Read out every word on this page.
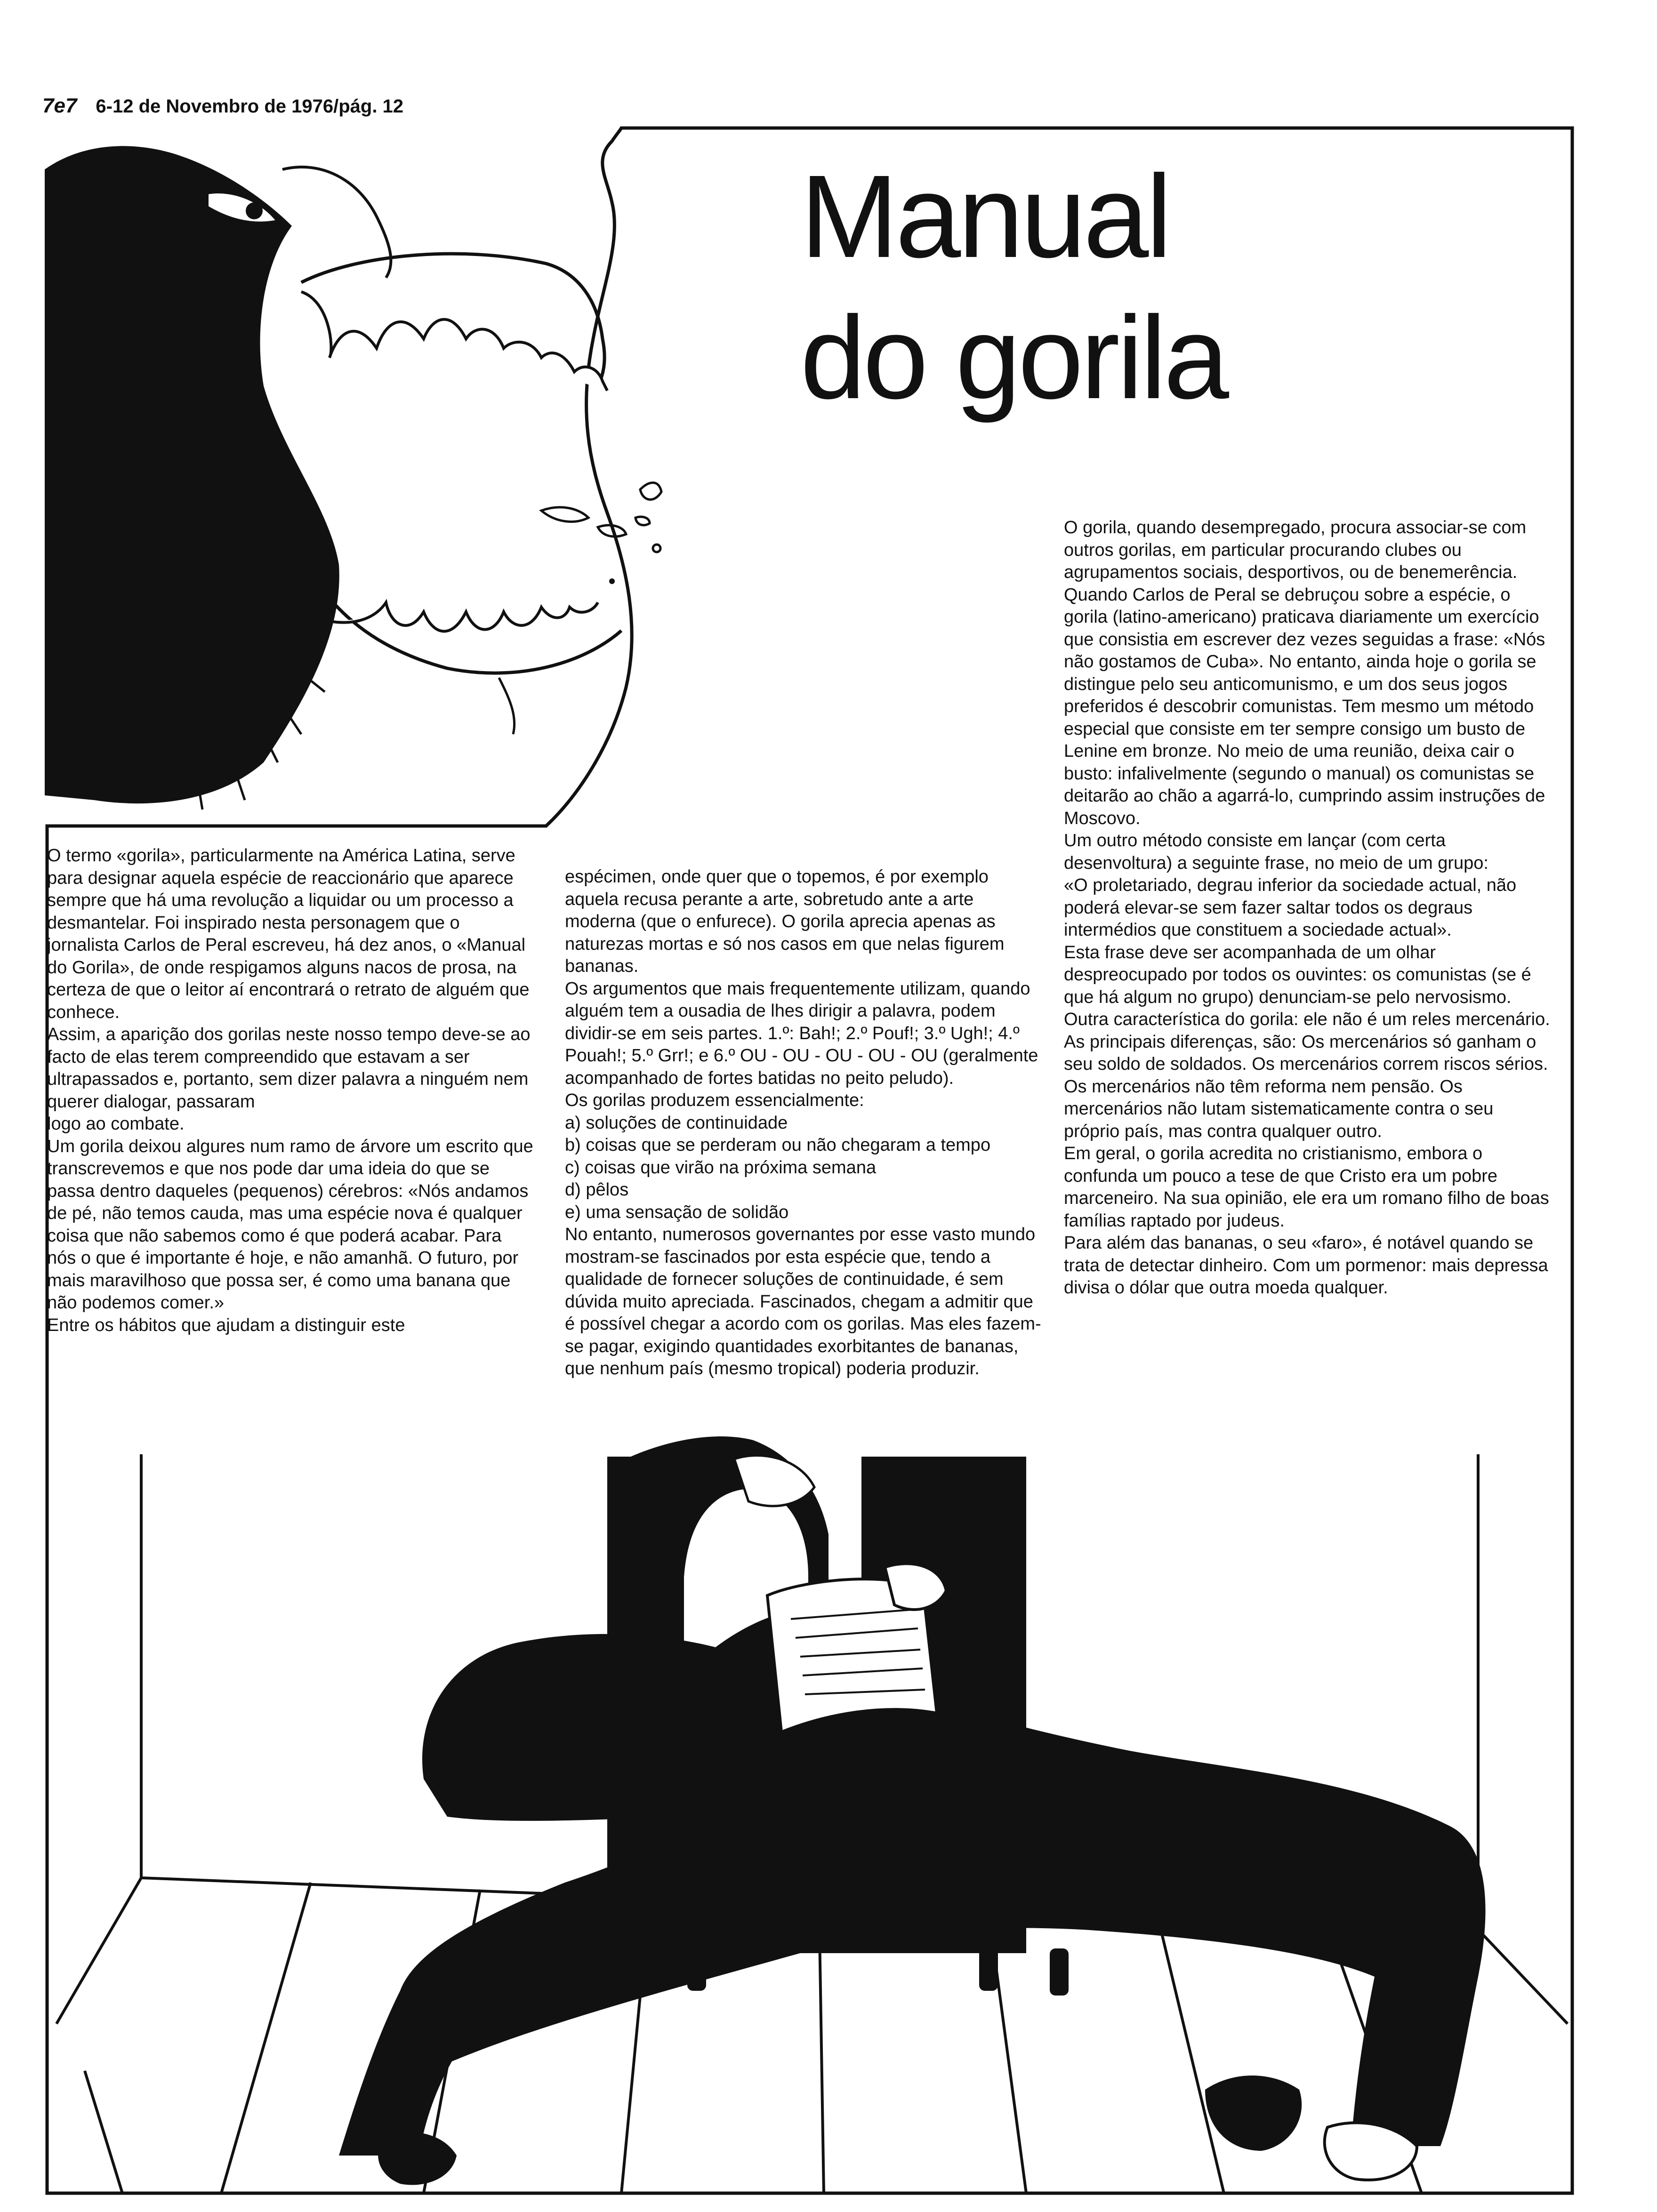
7e7 6-12 de Novembro de 1976/pág. 12
Manual
do gorila
O termo «gorila», particularmente na América Latina, serve para designar aquela espécie de reaccionário que aparece sempre que há uma revolução a liquidar ou um processo a desmantelar. Foi inspirado nesta personagem que o jornalista Carlos de Peral escreveu, há dez anos, o «Manual do Gorila», de onde respigamos alguns nacos de prosa, na certeza de que o leitor aí encontrará o retrato de alguém que conhece.
Assim, a aparição dos gorilas neste nosso tempo deve-se ao facto de elas terem compreendido que estavam a ser ultrapassados e, portanto, sem dizer palavra a ninguém nem querer dialogar, passaram
logo ao combate.
Um gorila deixou algures num ramo de árvore um escrito que transcrevemos e que nos pode dar uma ideia do que se passa dentro daqueles (pequenos) cérebros: «Nós andamos de pé, não temos cauda, mas uma espécie nova é qualquer coisa que não sabemos como é que poderá acabar. Para nós o que é importante é hoje, e não amanhã. O futuro, por mais maravilhoso que possa ser, é como uma banana que não podemos comer.»
Entre os hábitos que ajudam a distinguir este
espécimen, onde quer que o topemos, é por exemplo aquela recusa perante a arte, sobretudo ante a arte moderna (que o enfurece). O gorila aprecia apenas as naturezas mortas e só nos casos em que nelas figurem bananas.
Os argumentos que mais frequentemente utilizam, quando alguém tem a ousadia de lhes dirigir a palavra, podem dividir-se em seis partes. 1.º: Bah!; 2.º Pouf!; 3.º Ugh!; 4.º Pouah!; 5.º Grr!; e 6.º OU - OU - OU - OU - OU (geralmente acompanhado de fortes batidas no peito peludo).
Os gorilas produzem essencialmente:
a) soluções de continuidade
b) coisas que se perderam ou não chegaram a tempo
c) coisas que virão na próxima semana
d) pêlos
e) uma sensação de solidão
No entanto, numerosos governantes por esse vasto mundo mostram-se fascinados por esta espécie que, tendo a qualidade de fornecer soluções de continuidade, é sem dúvida muito apreciada. Fascinados, chegam a admitir que é possível chegar a acordo com os gorilas. Mas eles fazem-se pagar, exigindo quantidades exorbitantes de bananas, que nenhum país (mesmo tropical) poderia produzir.
O gorila, quando desempregado, procura associar-se com outros gorilas, em particular procurando clubes ou agrupamentos sociais, desportivos, ou de benemerência.
Quando Carlos de Peral se debruçou sobre a espécie, o gorila (latino-americano) praticava diariamente um exercício que consistia em escrever dez vezes seguidas a frase: «Nós não gostamos de Cuba». No entanto, ainda hoje o gorila se distingue pelo seu anticomunismo, e um dos seus jogos preferidos é descobrir comunistas. Tem mesmo um método especial que consiste em ter sempre consigo um busto de Lenine em bronze. No meio de uma reunião, deixa cair o busto: infalivelmente (segundo o manual) os comunistas se deitarão ao chão a agarrá-lo, cumprindo assim instruções de Moscovo.
Um outro método consiste em lançar (com certa desenvoltura) a seguinte frase, no meio de um grupo:
«O proletariado, degrau inferior da sociedade actual, não poderá elevar-se sem fazer saltar todos os degraus intermédios que constituem a sociedade actual».
Esta frase deve ser acompanhada de um olhar despreocupado por todos os ouvintes: os comunistas (se é que há algum no grupo) denunciam-se pelo nervosismo.
Outra característica do gorila: ele não é um reles mercenário. As principais diferenças, são: Os mercenários só ganham o seu soldo de soldados. Os mercenários correm riscos sérios. Os mercenários não têm reforma nem pensão. Os mercenários não lutam sistematicamente contra o seu próprio país, mas contra qualquer outro.
Em geral, o gorila acredita no cristianismo, embora o confunda um pouco a tese de que Cristo era um pobre marceneiro. Na sua opinião, ele era um romano filho de boas famílias raptado por judeus.
Para além das bananas, o seu «faro», é notável quando se trata de detectar dinheiro. Com um pormenor: mais depressa divisa o dólar que outra moeda qualquer.
